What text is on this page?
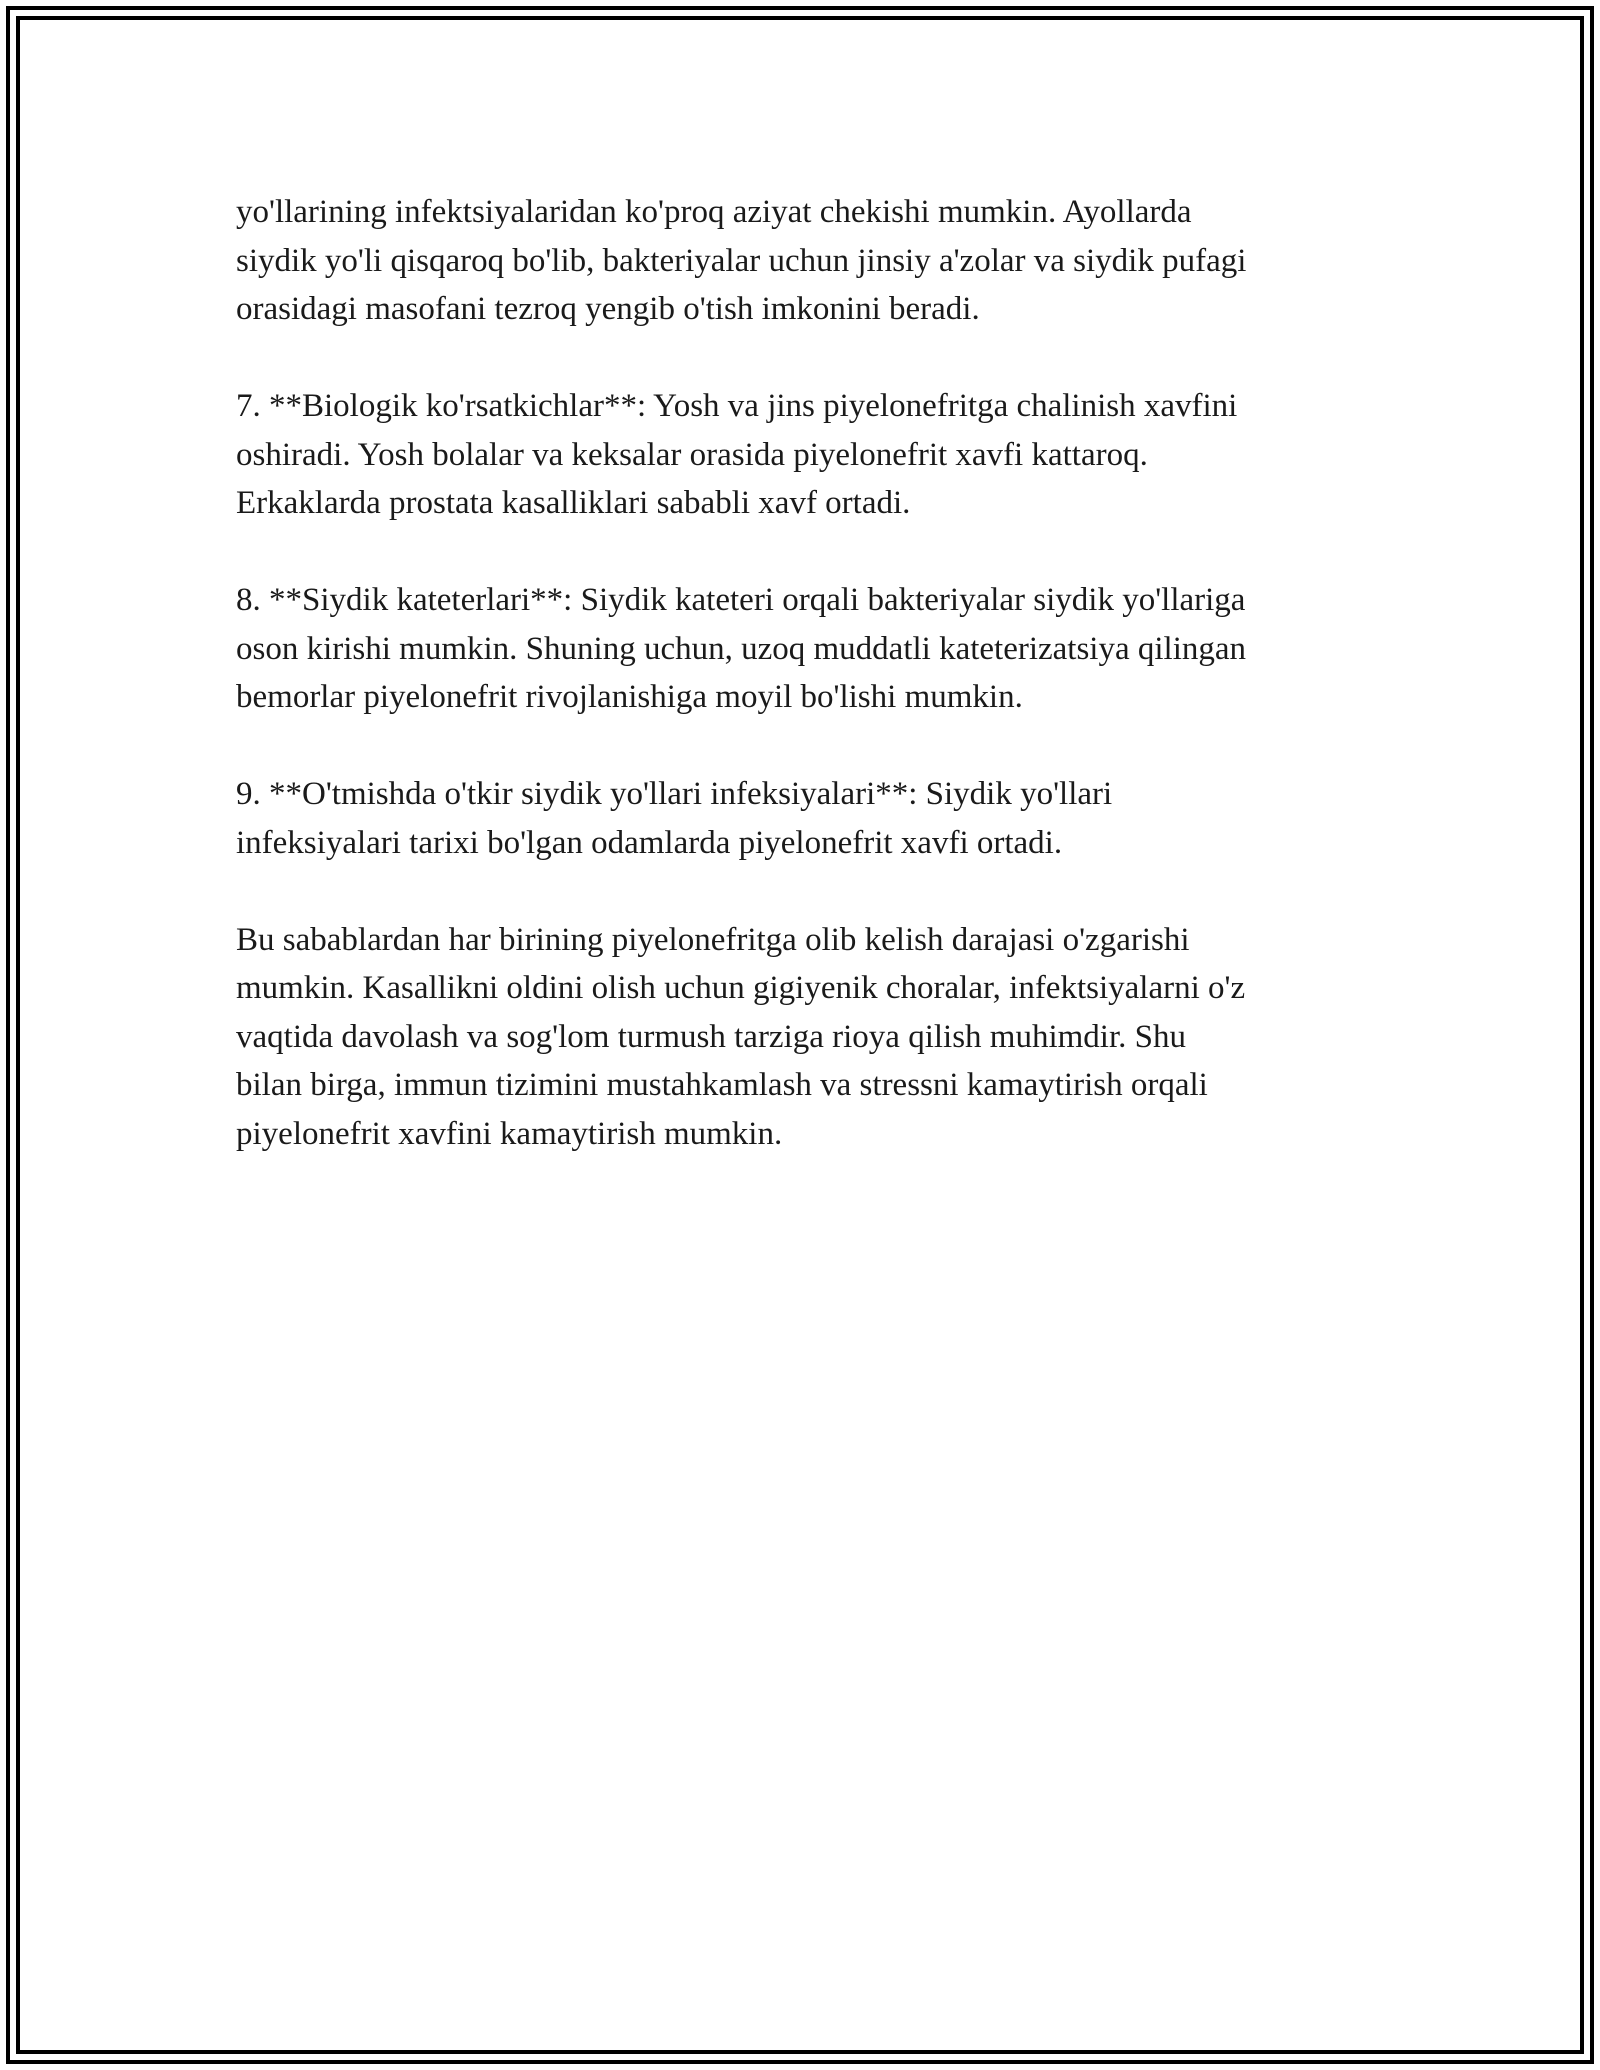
yo'llarining infektsiyalaridan ko'proq aziyat chekishi mumkin. Ayollarda
siydik yo'li qisqaroq bo'lib, bakteriyalar uchun jinsiy a'zolar va siydik pufagi
orasidagi masofani tezroq yengib o'tish imkonini beradi.

7. **Biologik ko'rsatkichlar**: Yosh va jins piyelonefritga chalinish xavfini
oshiradi. Yosh bolalar va keksalar orasida piyelonefrit xavfi kattaroq.
Erkaklarda prostata kasalliklari sababli xavf ortadi.

8. **Siydik kateterlari**: Siydik kateteri orqali bakteriyalar siydik yo'llariga
oson kirishi mumkin. Shuning uchun, uzoq muddatli kateterizatsiya qilingan
bemorlar piyelonefrit rivojlanishiga moyil bo'lishi mumkin.

9. **O'tmishda o'tkir siydik yo'llari infeksiyalari**: Siydik yo'llari
infeksiyalari tarixi bo'lgan odamlarda piyelonefrit xavfi ortadi.

Bu sabablardan har birining piyelonefritga olib kelish darajasi o'zgarishi
mumkin. Kasallikni oldini olish uchun gigiyenik choralar, infektsiyalarni o'z
vaqtida davolash va sog'lom turmush tarziga rioya qilish muhimdir. Shu
bilan birga, immun tizimini mustahkamlash va stressni kamaytirish orqali
piyelonefrit xavfini kamaytirish mumkin.
